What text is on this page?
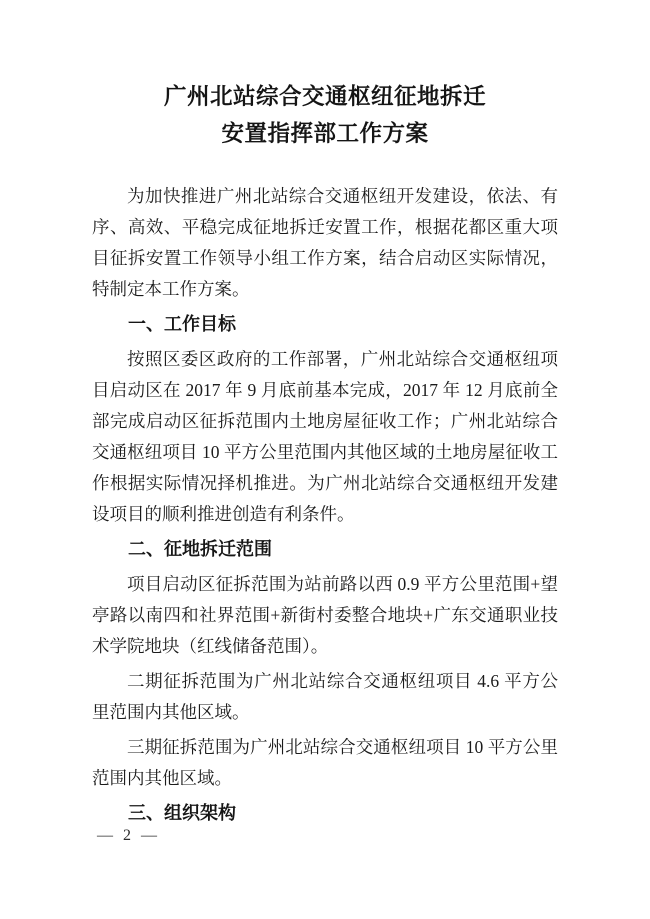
广州北站综合交通枢纽征地拆迁
安置指挥部工作方案

为加快推进广州北站综合交通枢纽开发建设，依法、有序、高效、平稳完成征地拆迁安置工作，根据花都区重大项目征拆安置工作领导小组工作方案，结合启动区实际情况，特制定本工作方案。

一、工作目标

按照区委区政府的工作部署，广州北站综合交通枢纽项目启动区在 2017 年 9 月底前基本完成，2017 年 12 月底前全部完成启动区征拆范围内土地房屋征收工作；广州北站综合交通枢纽项目 10 平方公里范围内其他区域的土地房屋征收工作根据实际情况择机推进。为广州北站综合交通枢纽开发建设项目的顺利推进创造有利条件。

二、征地拆迁范围

项目启动区征拆范围为站前路以西 0.9 平方公里范围+望亭路以南四和社界范围+新街村委整合地块+广东交通职业技术学院地块（红线储备范围）。

二期征拆范围为广州北站综合交通枢纽项目 4.6 平方公里范围内其他区域。

三期征拆范围为广州北站综合交通枢纽项目 10 平方公里范围内其他区域。

三、组织架构

— 2 —
